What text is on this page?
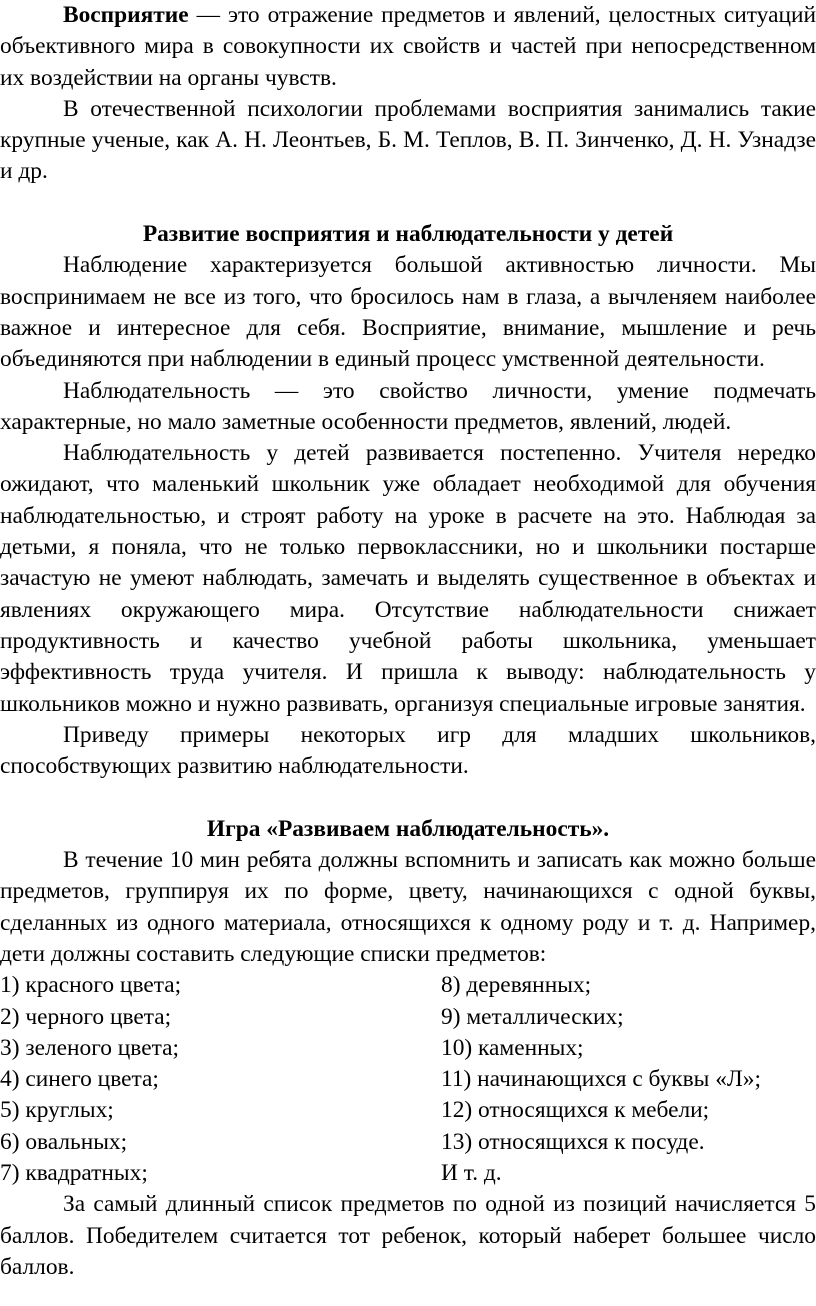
Восприятие — это отражение предметов и явлений, целостных ситуаций объективного мира в совокупности их свойств и частей при непосредственном их воздействии на органы чувств.

В отечественной психологии проблемами восприятия занимались такие крупные ученые, как А. Н. Леонтьев, Б. М. Теплов, В. П. Зинченко, Д. Н. Узнадзе и др.

Развитие восприятия и наблюдательности у детей

Наблюдение характеризуется большой активностью личности. Мы воспринимаем не все из того, что бросилось нам в глаза, а вычленяем наиболее важное и интересное для себя. Восприятие, внимание, мышление и речь объединяются при наблюдении в единый процесс умственной деятельности.

Наблюдательность — это свойство личности, умение подмечать характерные, но мало заметные особенности предметов, явлений, людей.

Наблюдательность у детей развивается постепенно. Учителя нередко ожидают, что маленький школьник уже обладает необходимой для обучения наблюдательностью, и строят работу на уроке в расчете на это. Наблюдая за детьми, я поняла, что не только первоклассники, но и школьники постарше зачастую не умеют наблюдать, замечать и выделять существенное в объектах и явлениях окружающего мира. Отсутствие наблюдательности снижает продуктивность и качество учебной работы школьника, уменьшает эффективность труда учителя. И пришла к выводу: наблюдательность у школьников можно и нужно развивать, организуя специальные игровые занятия.

Приведу примеры некоторых игр для младших школьников, способствующих развитию наблюдательности.

Игра «Развиваем наблюдательность».

В течение 10 мин ребята должны вспомнить и записать как можно больше предметов, группируя их по форме, цвету, начинающихся с одной буквы, сделанных из одного материала, относящихся к одному роду и т. д. Например, дети должны составить следующие списки предметов:

1) красного цвета;	8) деревянных;
2) черного цвета;	9) металлических;
3) зеленого цвета;	10) каменных;
4) синего цвета;	11) начинающихся с буквы «Л»;
5) круглых;	12) относящихся к мебели;
6) овальных;	13) относящихся к посуде.
7) квадратных;	И т. д.

За самый длинный список предметов по одной из позиций начисляется 5 баллов. Победителем считается тот ребенок, который наберет большее число баллов.
